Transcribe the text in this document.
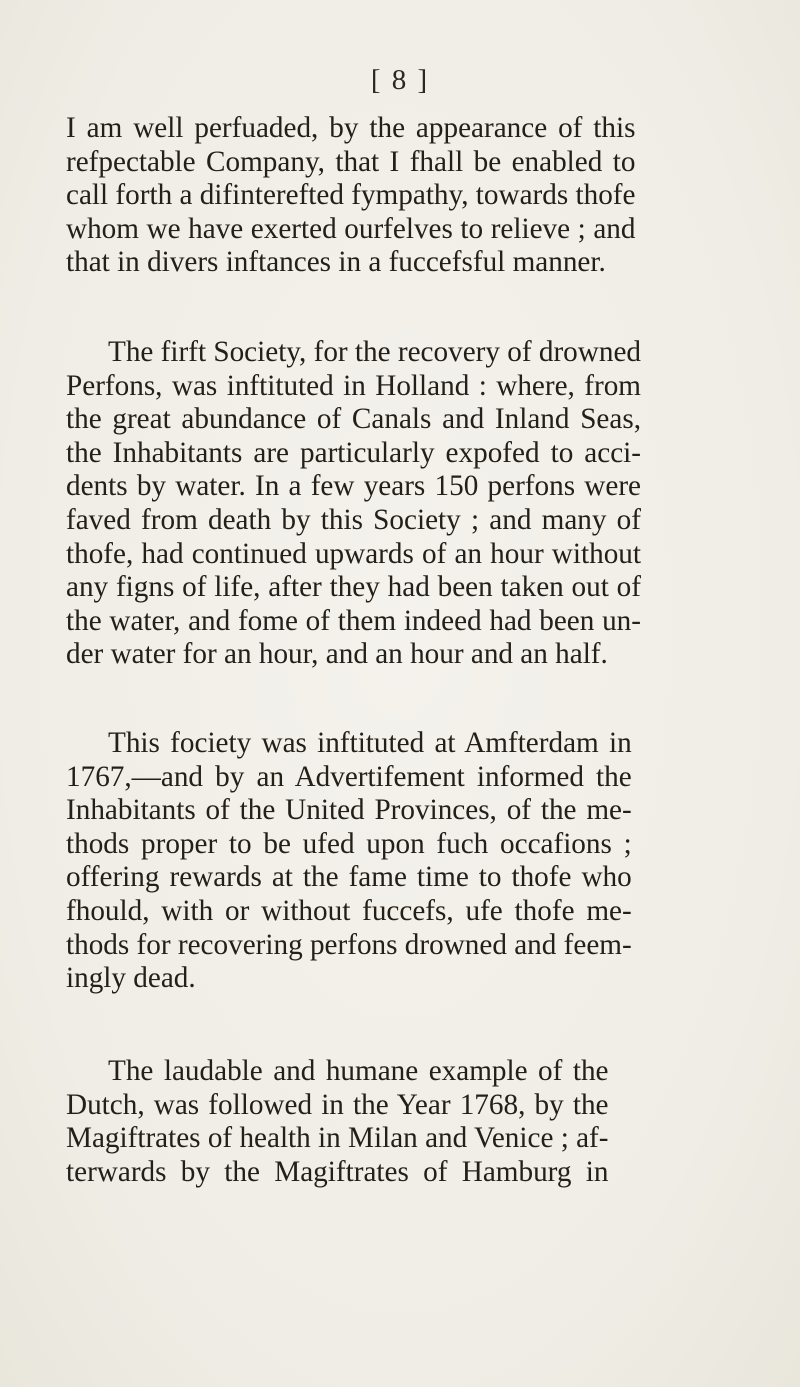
[ 8 ]
I am well perfuaded, by the appearance of this
refpectable Company, that I fhall be enabled to
call forth a difinterefted fympathy, towards thofe
whom we have exerted ourfelves to relieve ; and
that in divers inftances in a fuccefsful manner.
The firft Society, for the recovery of drowned
Perfons, was inftituted in Holland : where, from
the great abundance of Canals and Inland Seas,
the Inhabitants are particularly expofed to acci-
dents by water. In a few years 150 perfons were
faved from death by this Society ; and many of
thofe, had continued upwards of an hour without
any figns of life, after they had been taken out of
the water, and fome of them indeed had been un-
der water for an hour, and an hour and an half.
This fociety was inftituted at Amfterdam in
1767,—and by an Advertifement informed the
Inhabitants of the United Provinces, of the me-
thods proper to be ufed upon fuch occafions ;
offering rewards at the fame time to thofe who
fhould, with or without fuccefs, ufe thofe me-
thods for recovering perfons drowned and feem-
ingly dead.
The laudable and humane example of the
Dutch, was followed in the Year 1768, by the
Magiftrates of health in Milan and Venice ; af-
terwards by the Magiftrates of Hamburg in
